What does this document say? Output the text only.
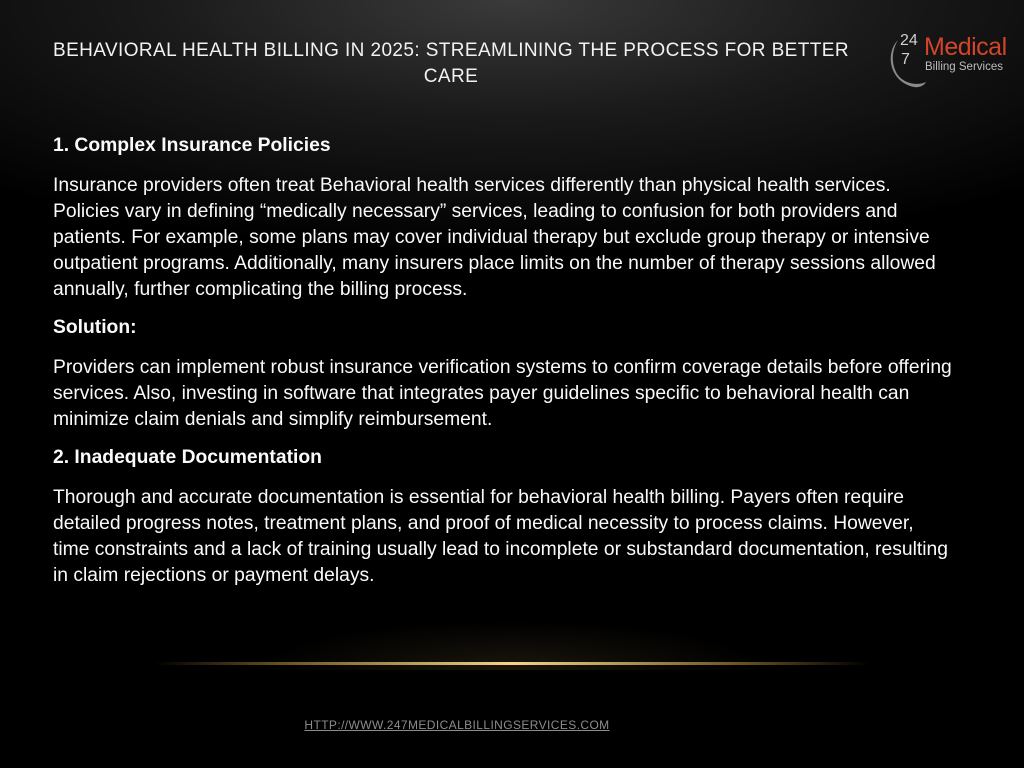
BEHAVIORAL HEALTH BILLING IN 2025: STREAMLINING THE PROCESS FOR BETTER CARE
24
7 Medical
Billing Services
1. Complex Insurance Policies

Insurance providers often treat Behavioral health services differently than physical health services. Policies vary in defining “medically necessary” services, leading to confusion for both providers and patients. For example, some plans may cover individual therapy but exclude group therapy or intensive outpatient programs. Additionally, many insurers place limits on the number of therapy sessions allowed annually, further complicating the billing process.

Solution:

Providers can implement robust insurance verification systems to confirm coverage details before offering services. Also, investing in software that integrates payer guidelines specific to behavioral health can minimize claim denials and simplify reimbursement.

2. Inadequate Documentation

Thorough and accurate documentation is essential for behavioral health billing. Payers often require detailed progress notes, treatment plans, and proof of medical necessity to process claims. However, time constraints and a lack of training usually lead to incomplete or substandard documentation, resulting in claim rejections or payment delays.

HTTP://WWW.247MEDICALBILLINGSERVICES.COM
